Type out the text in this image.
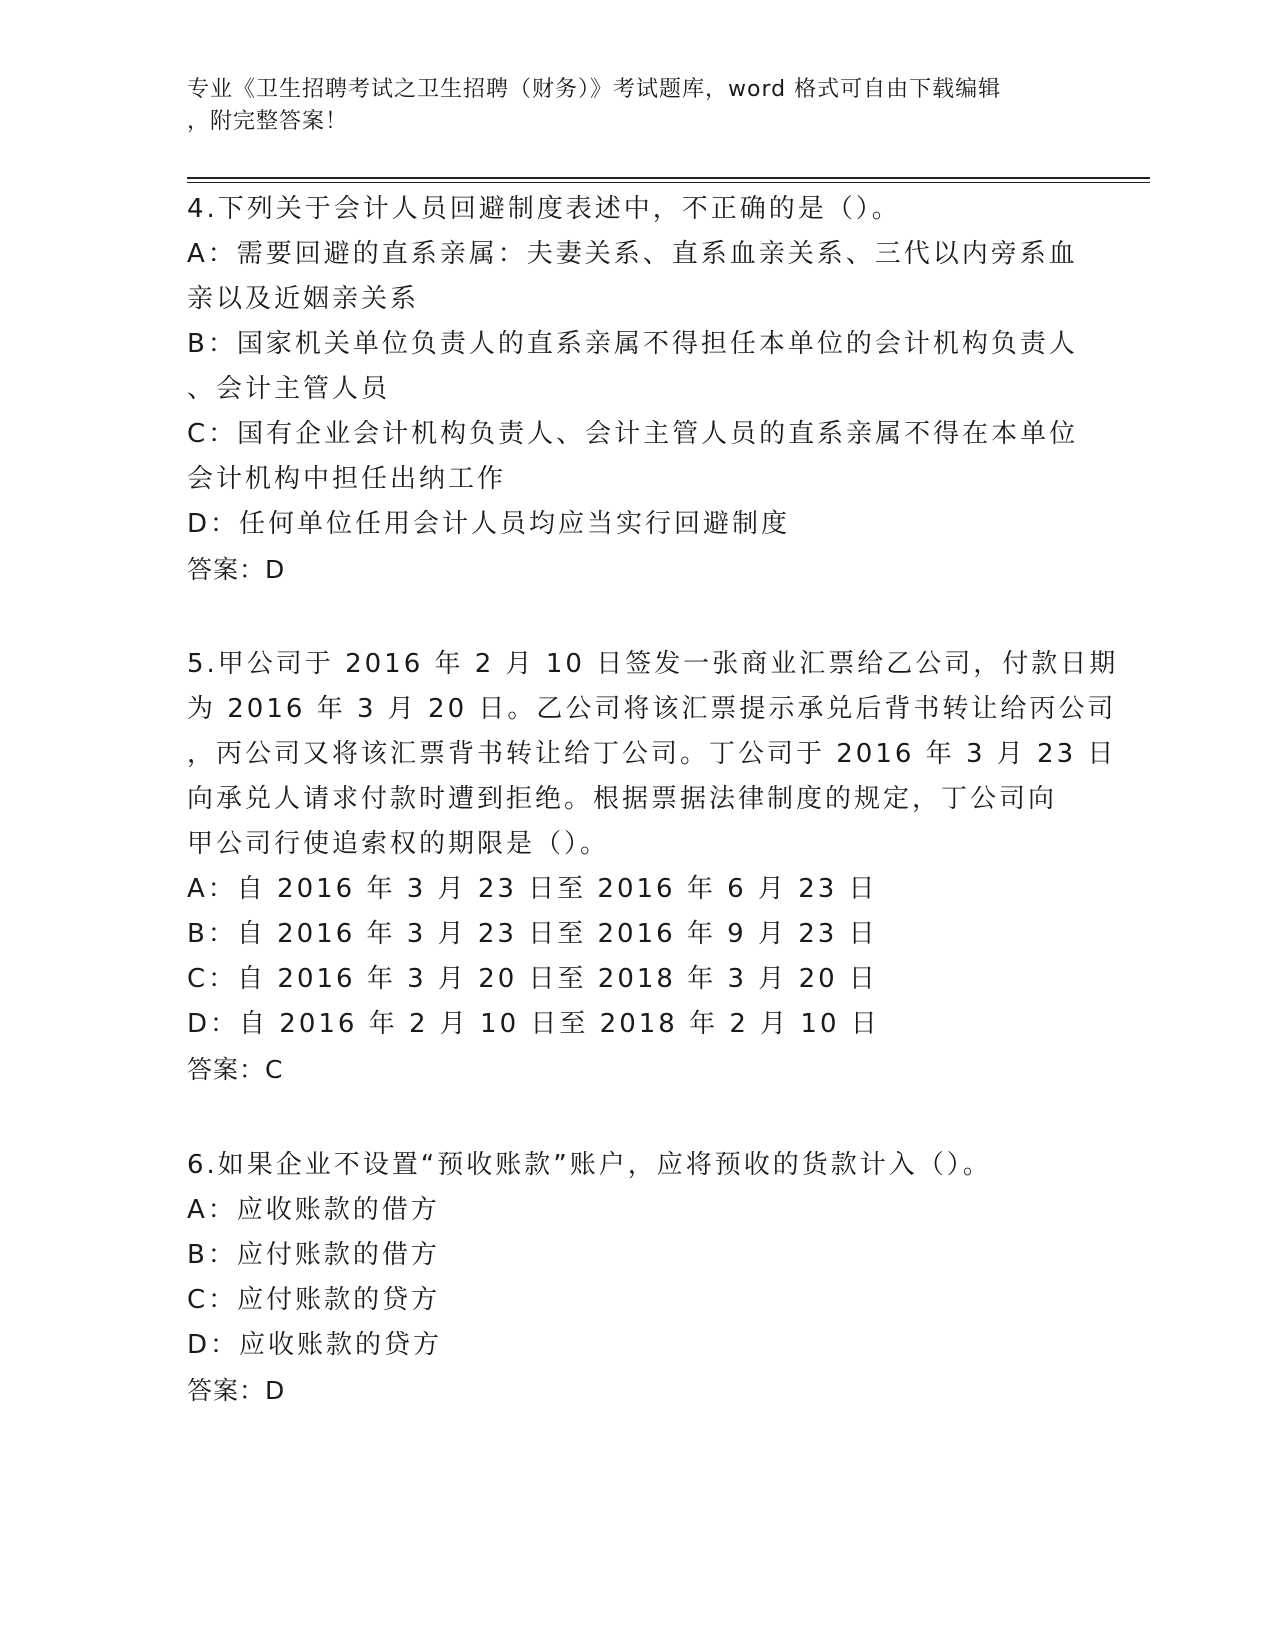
专业《卫生招聘考试之卫生招聘（财务）》考试题库，word 格式可自由下载编辑
，附完整答案！
4.下列关于会计人员回避制度表述中，不正确的是（）。
A：需要回避的直系亲属：夫妻关系、直系血亲关系、三代以内旁系血
亲以及近姻亲关系
B：国家机关单位负责人的直系亲属不得担任本单位的会计机构负责人
、会计主管人员
C：国有企业会计机构负责人、会计主管人员的直系亲属不得在本单位
会计机构中担任出纳工作
D：任何单位任用会计人员均应当实行回避制度
答案：D
5.甲公司于 2016 年 2 月 10 日签发一张商业汇票给乙公司，付款日期
为 2016 年 3 月 20 日。乙公司将该汇票提示承兑后背书转让给丙公司
，丙公司又将该汇票背书转让给丁公司。丁公司于 2016 年 3 月 23 日
向承兑人请求付款时遭到拒绝。根据票据法律制度的规定，丁公司向
甲公司行使追索权的期限是（）。
A：自 2016 年 3 月 23 日至 2016 年 6 月 23 日
B：自 2016 年 3 月 23 日至 2016 年 9 月 23 日
C：自 2016 年 3 月 20 日至 2018 年 3 月 20 日
D：自 2016 年 2 月 10 日至 2018 年 2 月 10 日
答案：C
6.如果企业不设置“预收账款”账户，应将预收的货款计入（）。
A：应收账款的借方
B：应付账款的借方
C：应付账款的贷方
D：应收账款的贷方
答案：D
